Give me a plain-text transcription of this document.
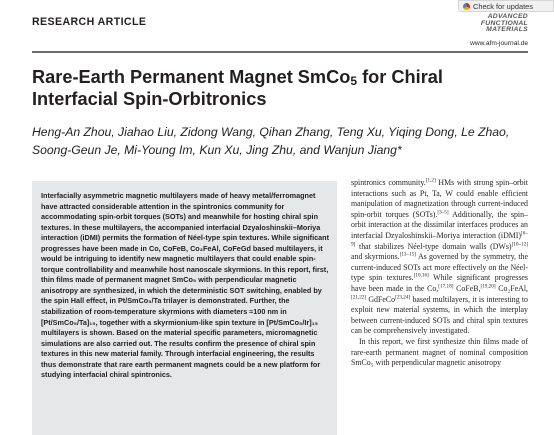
Check for updates
RESEARCH ARTICLE	ADVANCED
FUNCTIONAL
MATERIALS
www.afm-journal.de
Rare-Earth Permanent Magnet SmCo$_5$ for Chiral Interfacial Spin-Orbitronics
Heng-An Zhou, Jiahao Liu, Zidong Wang, Qihan Zhang, Teng Xu, Yiqing Dong, Le Zhao,
Soong-Geun Je, Mi-Young Im, Kun Xu, Jing Zhu, and Wanjun Jiang*

Interfacially asymmetric magnetic multilayers made of heavy metal/ferromagnet have attracted considerable attention in the spintronics community for accommodating spin-orbit torques (SOTs) and meanwhile for hosting chiral spin textures. In these multilayers, the accompanied interfacial Dzyaloshinskii–Moriya interaction (iDMI) permits the formation of Néel-type spin textures. While significant progresses have been made in Co, CoFeB, Co₂FeAl, CoFeGd based multilayers, it would be intriguing to identify new magnetic multilayers that could enable spin-torque controllability and meanwhile host nanoscale skyrmions. In this report, first, thin films made of permanent magnet SmCo₅ with perpendicular magnetic anisotropy are synthesized, in which the deterministic SOT switching, enabled by the spin Hall effect, in Pt/SmCo₅/Ta trilayer is demonstrated. Further, the stabilization of room-temperature skyrmions with diameters ≈100 nm in [Pt/SmCo₅/Ta]₁₅, together with a skyrmionium-like spin texture in [Pt/SmCo₅/Ir]₁₅ multilayers is shown. Based on the material specific parameters, micromagnetic simulations are also carried out. The results confirm the presence of chiral spin textures in this new material family. Through interfacial engineering, the results thus demonstrate that rare earth permanent magnets could be a new platform for studying interfacial chiral spintronics.

spintronics community.[1,2] HMs with strong spin–orbit interactions such as Pt, Ta, W could enable efficient manipulation of magnetization through current-induced spin-orbit torques (SOTs).[3–5] Additionally, the spin–orbit interaction at the dissimilar interfaces produces an interfacial Dzyaloshinskii–Moriya interaction (iDMI)[6–9] that stabilizes Néel-type domain walls (DWs)[10–12] and skyrmions.[13–15] As governed by the symmetry, the current-induced SOTs act more effectively on the Néel-type spin textures.[10,16] While significant progresses have been made in the Co,[17,18] CoFeB,[19,20] Co₂FeAl,[21,22] GdFeCo[23,24] based multilayers, it is interesting to exploit new material systems, in which the interplay between current-induced SOTs and chiral spin textures can be comprehensively investigated.

In this report, we first synthesize thin films made of rare-earth permanent magnet of nominal composition SmCo₅ with perpendicular magnetic anisotropy
